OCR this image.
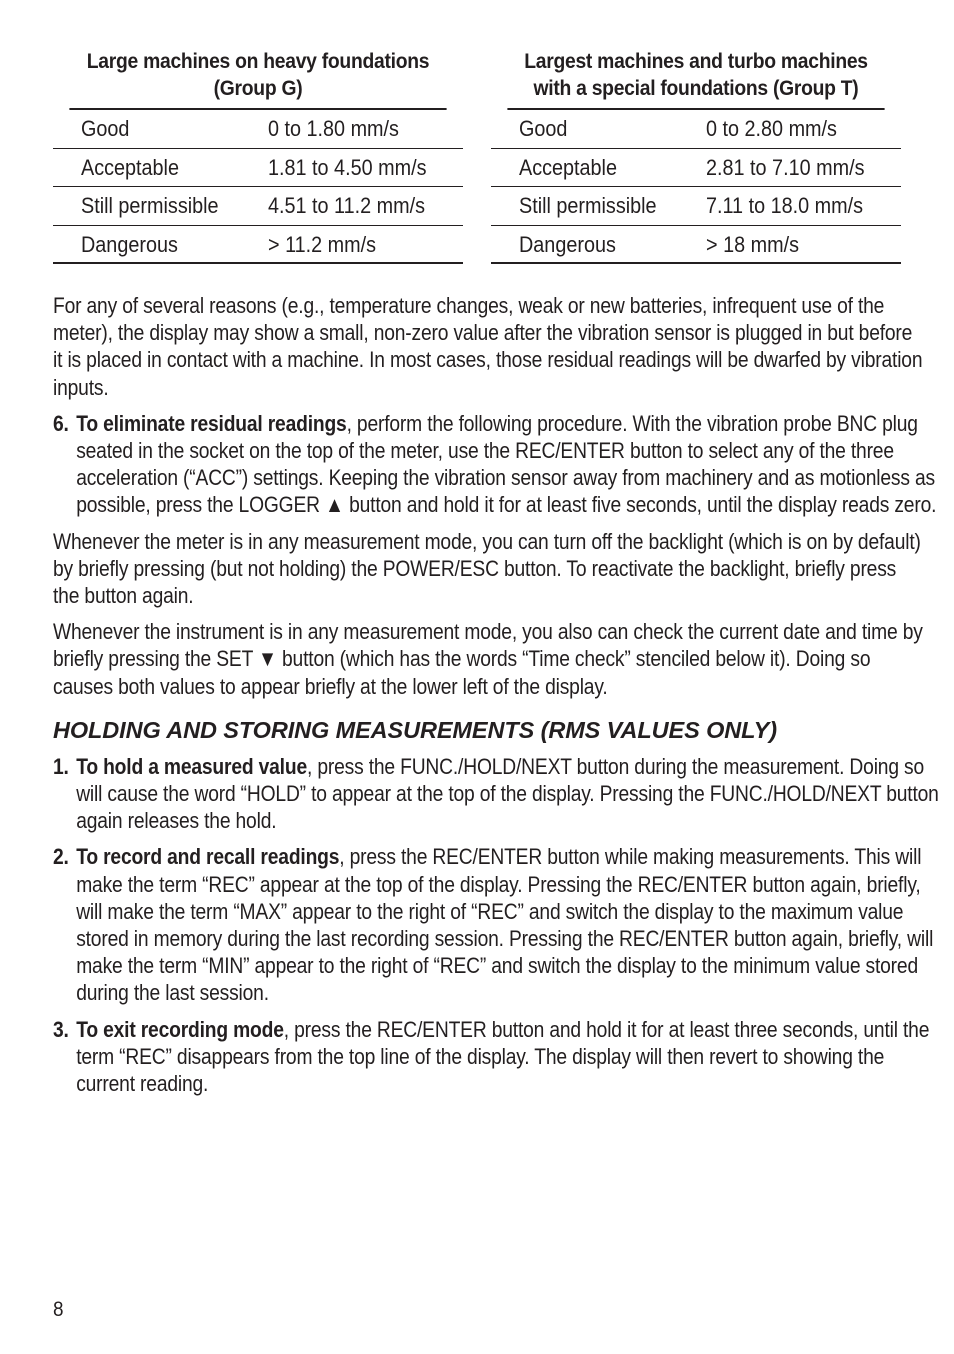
Large machines on heavy foundations
(Group G)
Good	0 to 1.80 mm/s
Acceptable	1.81 to 4.50 mm/s
Still permissible 4.51 to 11.2 mm/s
Dangerous	> 11.2 mm/s
Largest machines and turbo machines
with a special foundations (Group T)
Good	0 to 2.80 mm/s
Acceptable	2.81 to 7.10 mm/s
Still permissible 7.11 to 18.0 mm/s
Dangerous	> 18 mm/s

For any of several reasons (e.g., temperature changes, weak or new batteries, infrequent use of the meter), the display may show a small, non-zero value after the vibration sensor is plugged in but before it is placed in contact with a machine. In most cases, those residual readings will be dwarfed by vibration inputs.

6. To eliminate residual readings, perform the following procedure. With the vibration probe BNC plug seated in the socket on the top of the meter, use the REC/ENTER button to select any of the three acceleration (“ACC”) settings. Keeping the vibration sensor away from machinery and as motionless as possible, press the LOGGER ▲ button and hold it for at least five seconds, until the display reads zero.

Whenever the meter is in any measurement mode, you can turn off the backlight (which is on by default) by briefly pressing (but not holding) the POWER/ESC button. To reactivate the backlight, briefly press the button again.

Whenever the instrument is in any measurement mode, you also can check the current date and time by briefly pressing the SET ▼ button (which has the words “Time check” stenciled below it). Doing so causes both values to appear briefly at the lower left of the display.

HOLDING AND STORING MEASUREMENTS (RMS VALUES ONLY)

1. To hold a measured value, press the FUNC./HOLD/NEXT button during the measurement. Doing so will cause the word “HOLD” to appear at the top of the display. Pressing the FUNC./HOLD/NEXT button again releases the hold.

2. To record and recall readings, press the REC/ENTER button while making measurements. This will make the term “REC” appear at the top of the display. Pressing the REC/ENTER button again, briefly, will make the term “MAX” appear to the right of “REC” and switch the display to the maximum value stored in memory during the last recording session. Pressing the REC/ENTER button again, briefly, will make the term “MIN” appear to the right of “REC” and switch the display to the minimum value stored during the last session.

3. To exit recording mode, press the REC/ENTER button and hold it for at least three seconds, until the term “REC” disappears from the top line of the display. The display will then revert to showing the current reading.

8
